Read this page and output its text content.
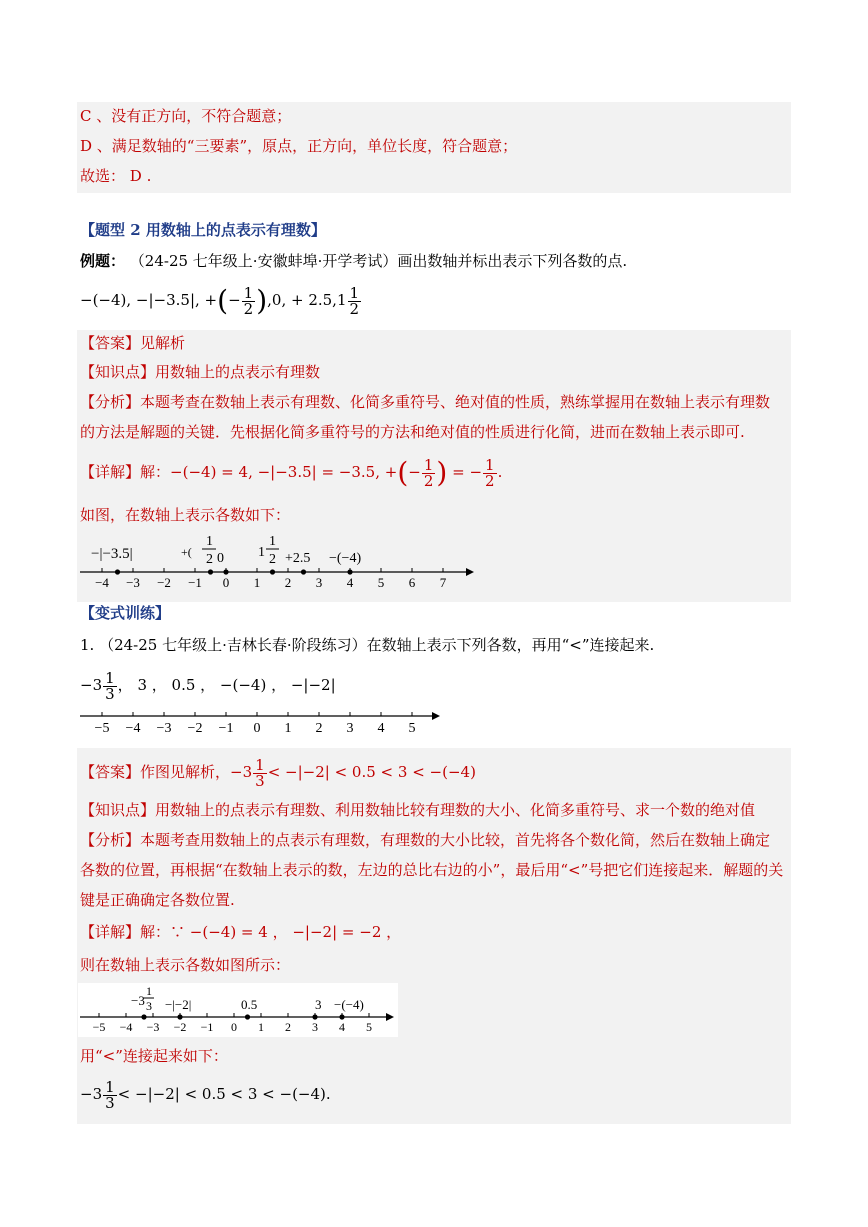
C 、没有正方向，不符合题意；
D 、满足数轴的“三要素”，原点，正方向，单位长度，符合题意；
故选： D .
【题型 2 用数轴上的点表示有理数】
例题： （24-25 七年级上·安徽蚌埠·开学考试）画出数轴并标出表示下列各数的点.
−(−4), −|−3.5|, +(− $\frac{1}{2} ),0$, + $2.5,1 \frac{1}{2}$
【答案】见解析
【知识点】用数轴上的点表示有理数
【分析】本题考查在数轴上表示有理数、化简多重符号、绝对值的性质，熟练掌握用在数轴上表示有理数
的方法是解题的关键．先根据化简多重符号的方法和绝对值的性质进行化简，进而在数轴上表示即可.
【详解】解：−(−4) = 4, −|−3.5| = −3.5, +(− $\frac{1}{2}$ ) = − $\frac{1}{2}$ .
如图，在数轴上表示各数如下：
−4 −3 −2 −1 0 1 2 3 4 5 6 7
−|−3.5|	+(
1
2 0 1
1
2 +2.5 −(−4)
【变式训练】
1. （24-25 七年级上·吉林长春·阶段练习）在数轴上表示下列各数，再用“<”连接起来.
$-3 \frac{1}{3}$ ， 3 ， 0.5 ， −(−4) ， −|−2|
−5 −4 −3 −2 −1 0 1 2 3 4 5
【答案】作图见解析，$-3 \frac{1}{3} < -|-2| < 0.5 < 3 < -(-4)$
【知识点】用数轴上的点表示有理数、利用数轴比较有理数的大小、化简多重符号、求一个数的绝对值
【分析】本题考查用数轴上的点表示有理数，有理数的大小比较，首先将各个数化简，然后在数轴上确定
各数的位置，再根据“在数轴上表示的数，左边的总比右边的小”，最后用“<”号把它们连接起来．解题的关
键是正确确定各数位置.
【详解】解：∵ −(−4) = 4 ， −|−2| = −2 ，
则在数轴上表示各数如图所示：
−5 −4 −3 −2 −1 0 1 2 3 4 5
−3
1
3 −|−2|	0.5	3 −(−4)
用“<”连接起来如下：
$-3 \frac{1}{3} < -|-2| < 0.5 < 3 < -(-4)$.
